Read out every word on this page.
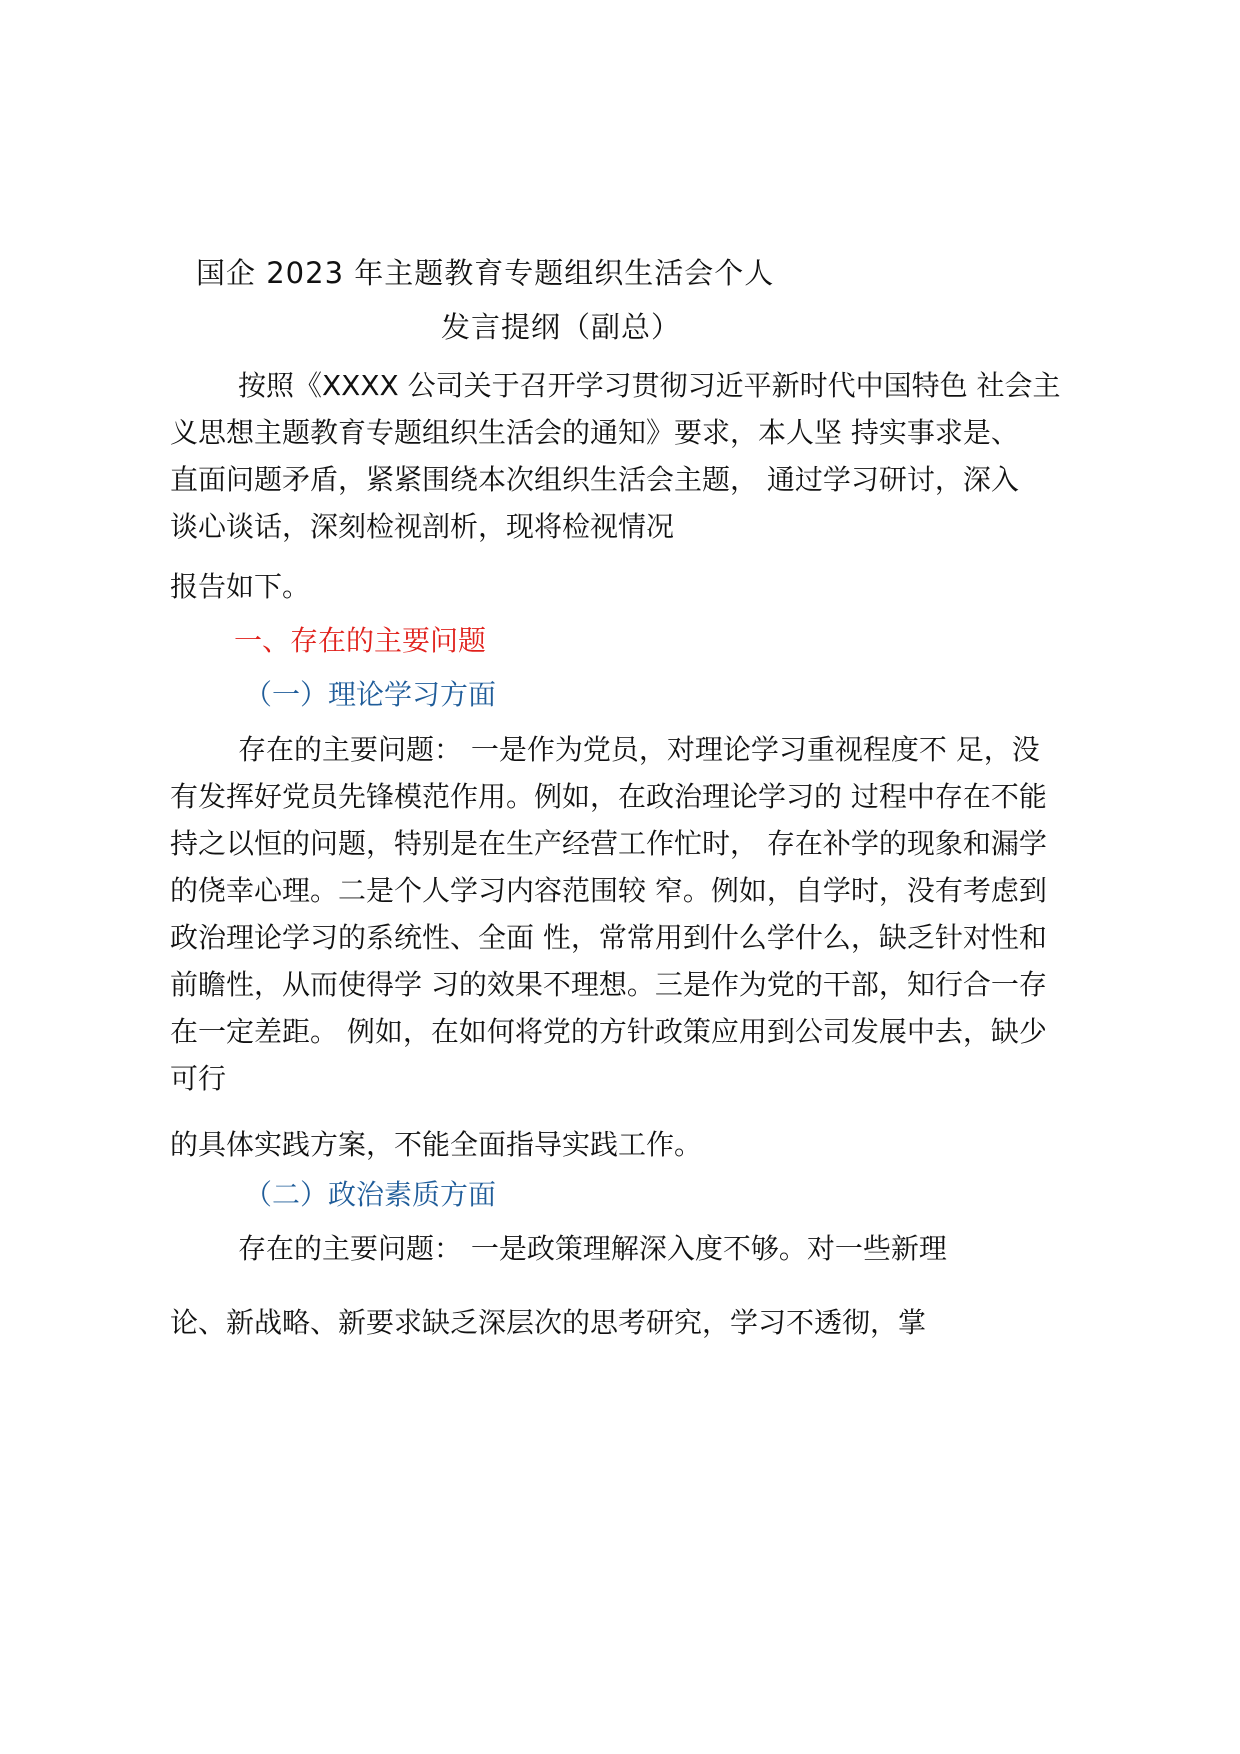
国企 2023 年主题教育专题组织生活会个人
发言提纲（副总）
按照《XXXX 公司关于召开学习贯彻习近平新时代中国特色 社会主
义思想主题教育专题组织生活会的通知》要求，本人坚 持实事求是、
直面问题矛盾，紧紧围绕本次组织生活会主题， 通过学习研讨，深入
谈心谈话，深刻检视剖析，现将检视情况
报告如下。
一、存在的主要问题
（一）理论学习方面
存在的主要问题： 一是作为党员，对理论学习重视程度不 足，没
有发挥好党员先锋模范作用。例如，在政治理论学习的 过程中存在不能
持之以恒的问题，特别是在生产经营工作忙时， 存在补学的现象和漏学
的侥幸心理。二是个人学习内容范围较 窄。例如，自学时，没有考虑到
政治理论学习的系统性、全面 性，常常用到什么学什么，缺乏针对性和
前瞻性，从而使得学 习的效果不理想。三是作为党的干部，知行合一存
在一定差距。 例如，在如何将党的方针政策应用到公司发展中去，缺少
可行
的具体实践方案，不能全面指导实践工作。
（二）政治素质方面
存在的主要问题： 一是政策理解深入度不够。对一些新理
论、新战略、新要求缺乏深层次的思考研究，学习不透彻，掌
